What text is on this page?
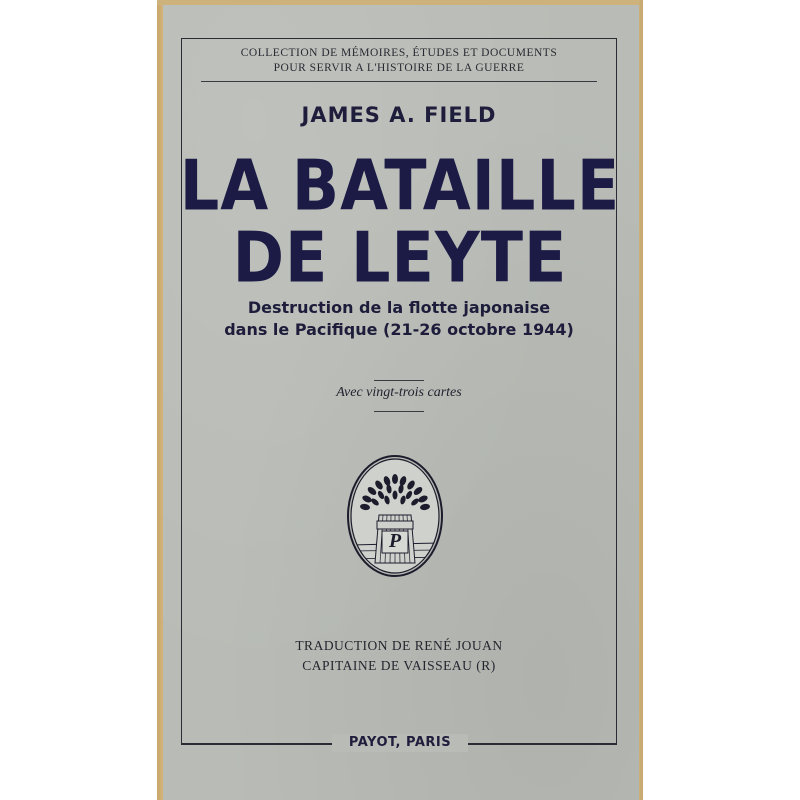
COLLECTION DE MÉMOIRES, ÉTUDES ET DOCUMENTS
POUR SERVIR A L'HISTOIRE DE LA GUERRE
JAMES A. FIELD
LA BATAILLE
DE LEYTE
Destruction de la flotte japonaise
dans le Pacifique (21-26 octobre 1944)
Avec vingt-trois cartes
P
TRADUCTION DE RENÉ JOUAN
CAPITAINE DE VAISSEAU (R)
PAYOT, PARIS
